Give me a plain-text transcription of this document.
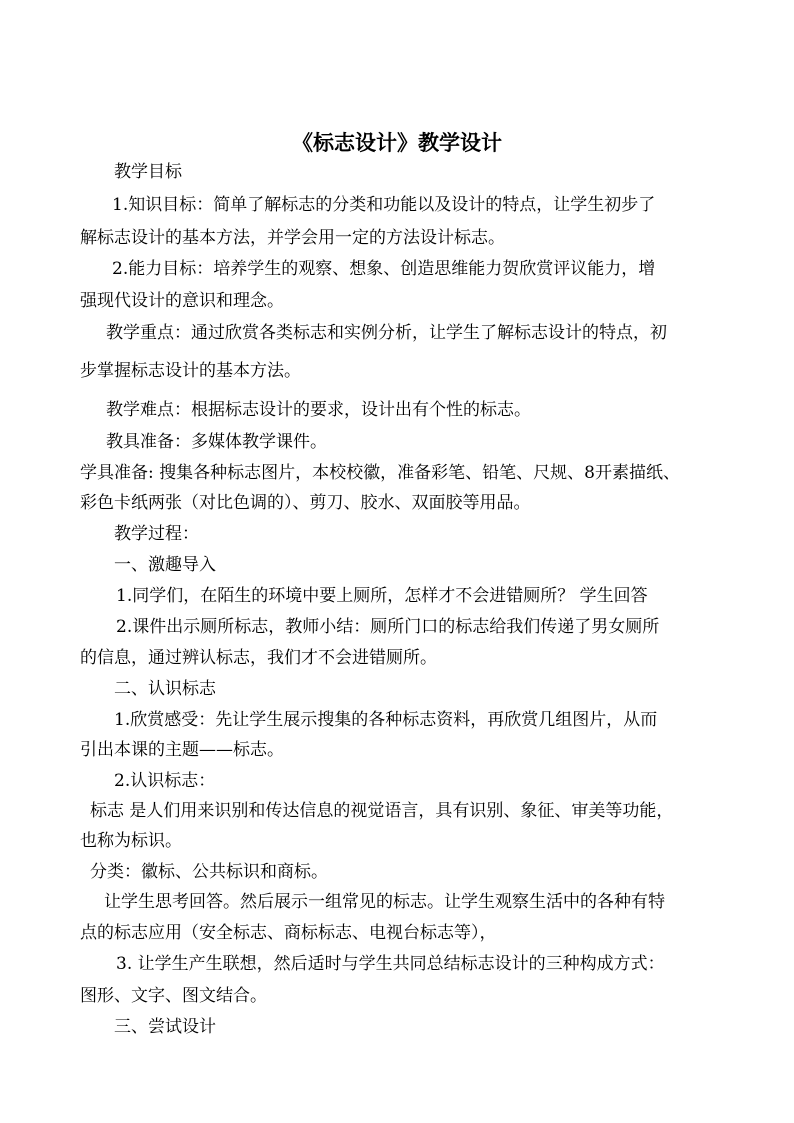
《标志设计》教学设计
教学目标
1.知识目标：简单了解标志的分类和功能以及设计的特点，让学生初步了
解标志设计的基本方法，并学会用一定的方法设计标志。
2.能力目标：培养学生的观察、想象、创造思维能力贺欣赏评议能力，增
强现代设计的意识和理念。
教学重点：通过欣赏各类标志和实例分析，让学生了解标志设计的特点，初
步掌握标志设计的基本方法。
教学难点：根据标志设计的要求，设计出有个性的标志。
教具准备：多媒体教学课件。
学具准备: 搜集各种标志图片，本校校徽，准备彩笔、铅笔、尺规、8开素描纸、
彩色卡纸两张（对比色调的）、剪刀、胶水、双面胶等用品。
教学过程：
一、激趣导入
1.同学们，在陌生的环境中要上厕所，怎样才不会进错厕所？ 学生回答
2.课件出示厕所标志，教师小结：厕所门口的标志给我们传递了男女厕所
的信息，通过辨认标志，我们才不会进错厕所。
二、认识标志
1.欣赏感受：先让学生展示搜集的各种标志资料，再欣赏几组图片，从而
引出本课的主题——标志。
2.认识标志：
标志 是人们用来识别和传达信息的视觉语言，具有识别、象征、审美等功能，
也称为标识。
分类：徽标、公共标识和商标。
让学生思考回答。然后展示一组常见的标志。让学生观察生活中的各种有特
点的标志应用（安全标志、商标标志、电视台标志等），
3. 让学生产生联想，然后适时与学生共同总结标志设计的三种构成方式：
图形、文字、图文结合。
三、尝试设计
